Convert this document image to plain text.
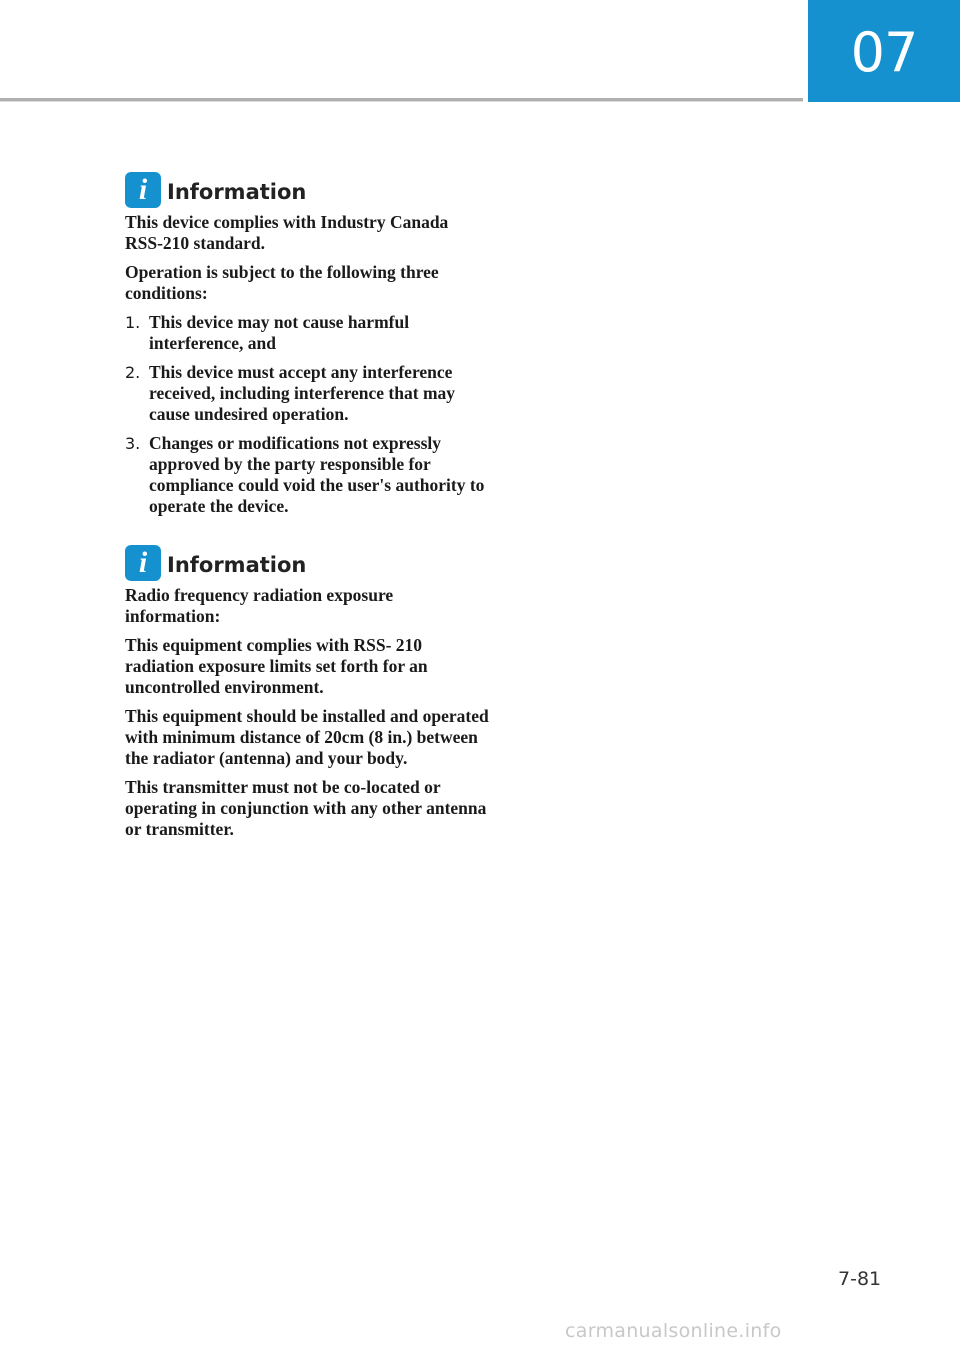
07
i Information

This device complies with Industry Canada RSS-210 standard.

Operation is subject to the following three conditions:

1. This device may not cause harmful interference, and
2. This device must accept any interference received, including interference that may cause undesired operation.
3. Changes or modifications not expressly approved by the party responsible for compliance could void the user's authority to operate the device.
i Information

Radio frequency radiation exposure information:

This equipment complies with RSS- 210 radiation exposure limits set forth for an uncontrolled environment.

This equipment should be installed and operated with minimum distance of 20cm (8 in.) between the radiator (antenna) and your body.

This transmitter must not be co-located or operating in conjunction with any other antenna or transmitter.

7-81
carmanualsonline.info
